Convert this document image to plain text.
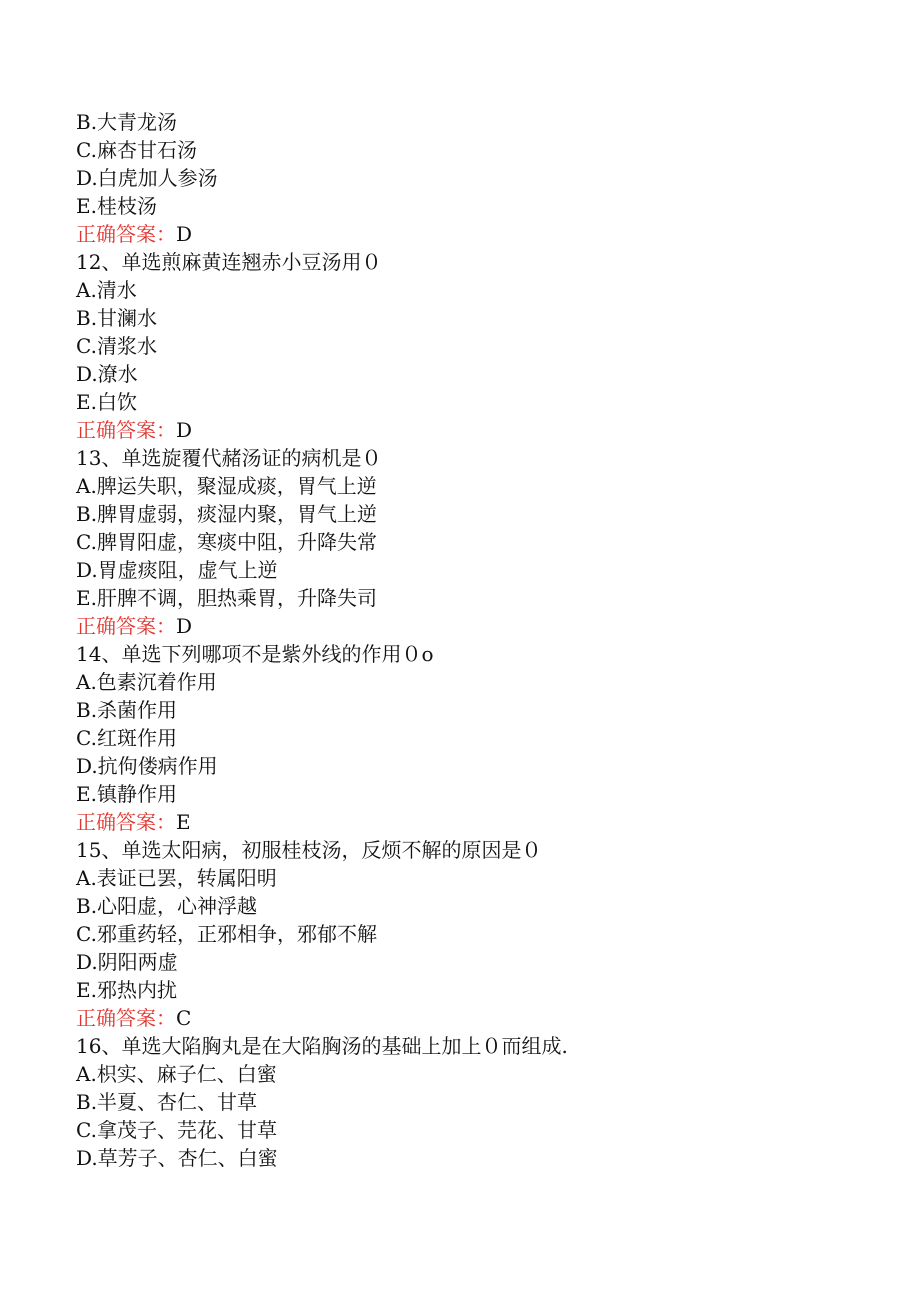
B.大青龙汤
C.麻杏甘石汤
D.白虎加人参汤
E.桂枝汤
正确答案：D
12、单选煎麻黄连翘赤小豆汤用０
A.清水
B.甘澜水
C.清浆水
D.潦水
E.白饮
正确答案：D
13、单选旋覆代赭汤证的病机是０
A.脾运失职，聚湿成痰，胃气上逆
B.脾胃虚弱，痰湿内聚，胃气上逆
C.脾胃阳虚，寒痰中阻，升降失常
D.胃虚痰阻，虚气上逆
E.肝脾不调，胆热乘胃，升降失司
正确答案：D
14、单选下列哪项不是紫外线的作用０o
A.色素沉着作用
B.杀菌作用
C.红斑作用
D.抗佝偻病作用
E.镇静作用
正确答案：E
15、单选太阳病，初服桂枝汤，反烦不解的原因是０
A.表证已罢，转属阳明
B.心阳虚，心神浮越
C.邪重药轻，正邪相争，邪郁不解
D.阴阳两虚
E.邪热内扰
正确答案：C
16、单选大陷胸丸是在大陷胸汤的基础上加上０而组成.
A.枳实、麻子仁、白蜜
B.半夏、杏仁、甘草
C.拿茂子、芫花、甘草
D.草芳子、杏仁、白蜜
